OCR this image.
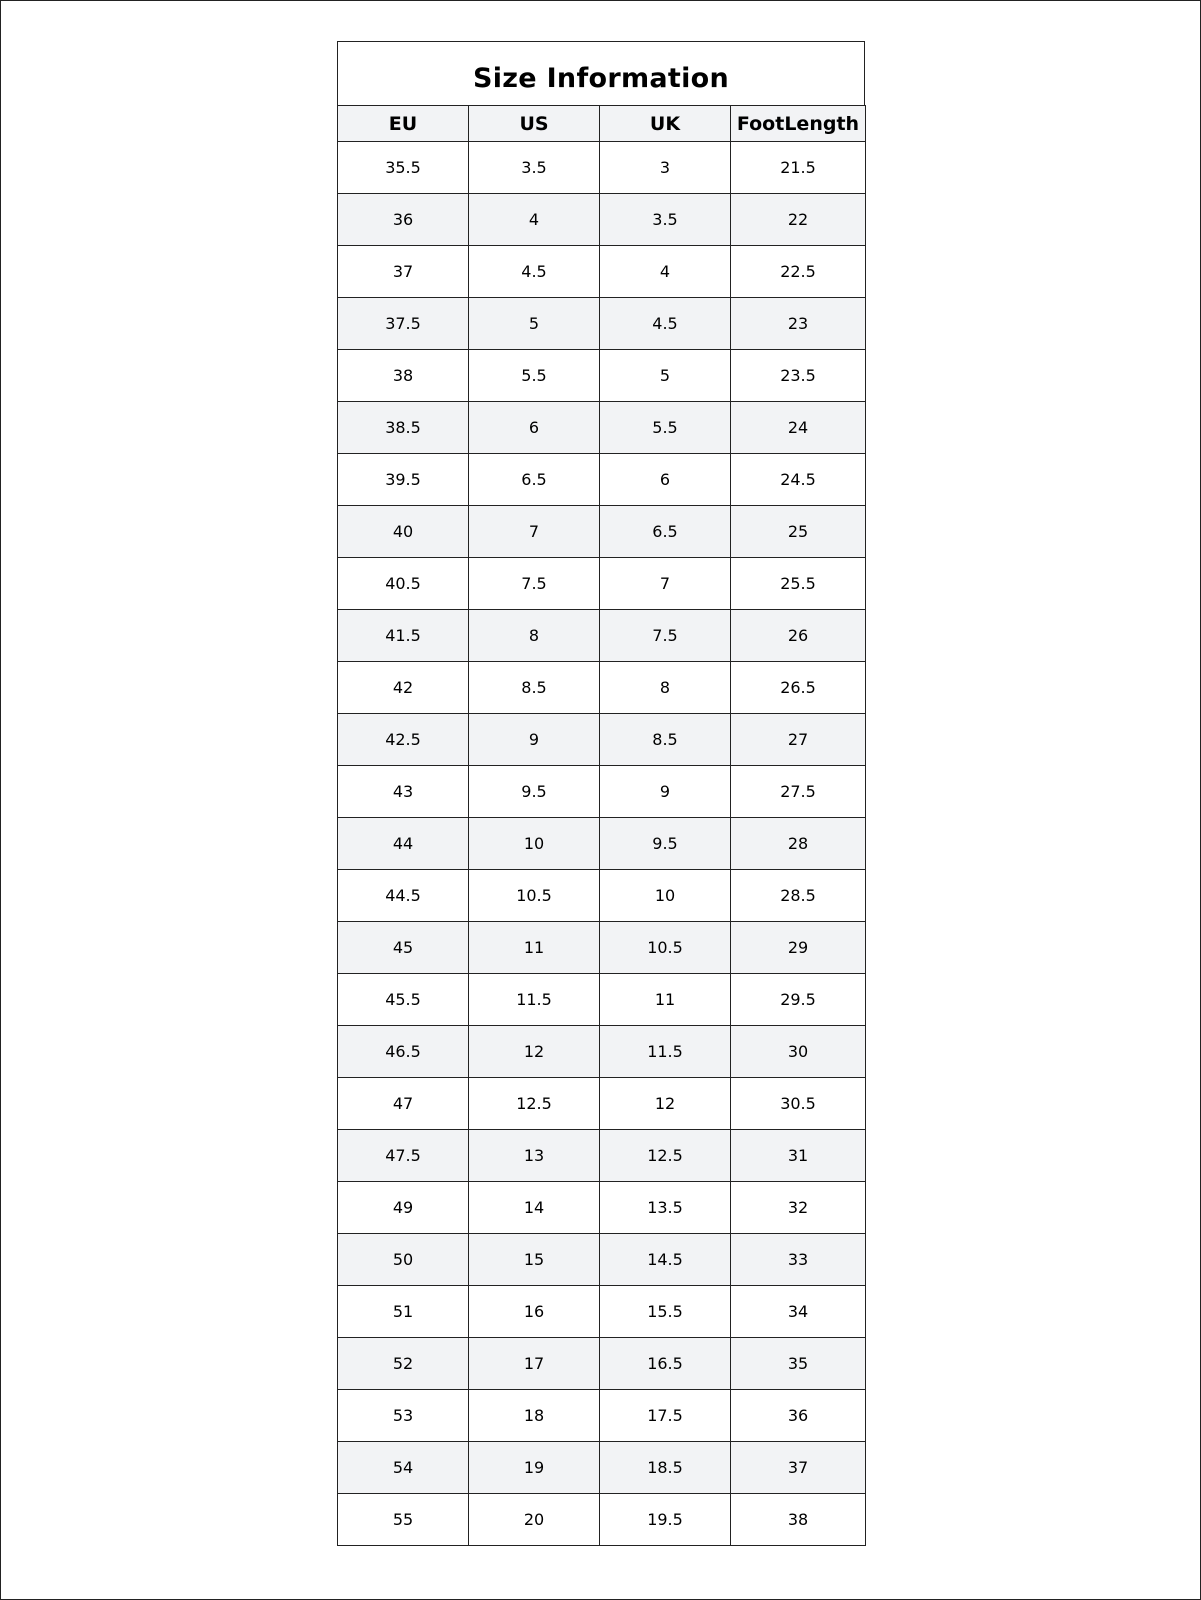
Size Information
EU	US	UK	FootLength
35.5	3.5	3	21.5
36	4	3.5	22
37	4.5	4	22.5
37.5	5	4.5	23
38	5.5	5	23.5
38.5	6	5.5	24
39.5	6.5	6	24.5
40	7	6.5	25
40.5	7.5	7	25.5
41.5	8	7.5	26
42	8.5	8	26.5
42.5	9	8.5	27
43	9.5	9	27.5
44	10	9.5	28
44.5	10.5	10	28.5
45	11	10.5	29
45.5	11.5	11	29.5
46.5	12	11.5	30
47	12.5	12	30.5
47.5	13	12.5	31
49	14	13.5	32
50	15	14.5	33
51	16	15.5	34
52	17	16.5	35
53	18	17.5	36
54	19	18.5	37
55	20	19.5	38
